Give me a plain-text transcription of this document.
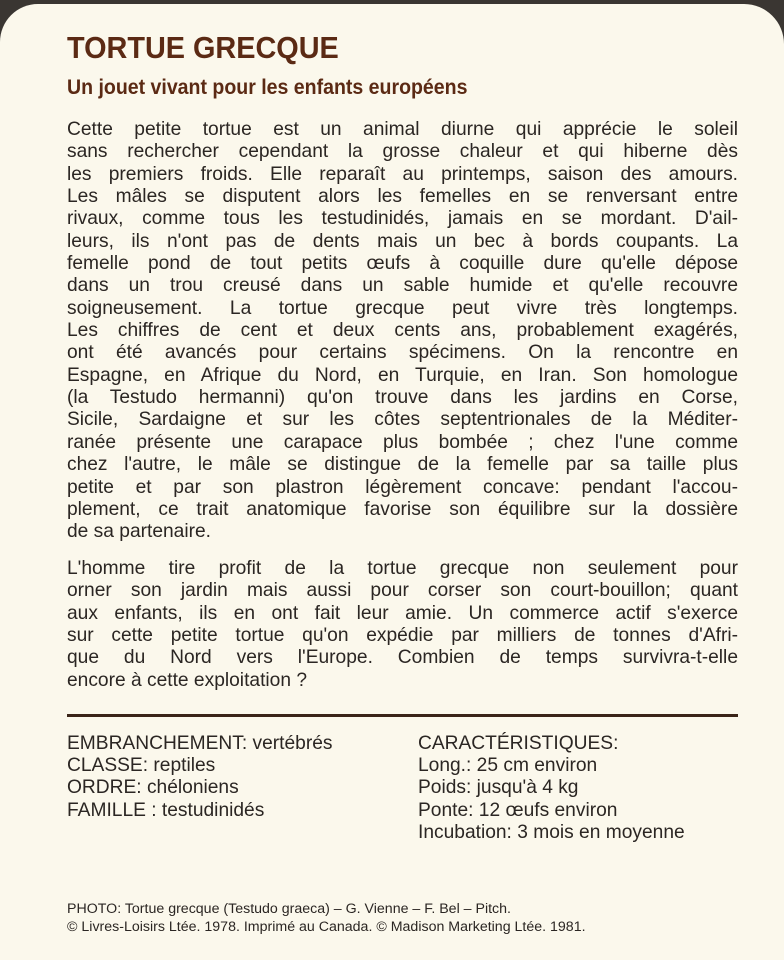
TORTUE GRECQUE
Un jouet vivant pour les enfants européens
Cette petite tortue est un animal diurne qui apprécie le soleil
sans rechercher cependant la grosse chaleur et qui hiberne dès
les premiers froids. Elle reparaît au printemps, saison des amours.
Les mâles se disputent alors les femelles en se renversant entre
rivaux, comme tous les testudinidés, jamais en se mordant. D'ail-
leurs, ils n'ont pas de dents mais un bec à bords coupants. La
femelle pond de tout petits œufs à coquille dure qu'elle dépose
dans un trou creusé dans un sable humide et qu'elle recouvre
soigneusement. La tortue grecque peut vivre très longtemps.
Les chiffres de cent et deux cents ans, probablement exagérés,
ont été avancés pour certains spécimens. On la rencontre en
Espagne, en Afrique du Nord, en Turquie, en Iran. Son homologue
(la Testudo hermanni) qu'on trouve dans les jardins en Corse,
Sicile, Sardaigne et sur les côtes septentrionales de la Méditer-
ranée présente une carapace plus bombée ; chez l'une comme
chez l'autre, le mâle se distingue de la femelle par sa taille plus
petite et par son plastron légèrement concave: pendant l'accou-
plement, ce trait anatomique favorise son équilibre sur la dossière
de sa partenaire.
L'homme tire profit de la tortue grecque non seulement pour
orner son jardin mais aussi pour corser son court-bouillon; quant
aux enfants, ils en ont fait leur amie. Un commerce actif s'exerce
sur cette petite tortue qu'on expédie par milliers de tonnes d'Afri-
que du Nord vers l'Europe. Combien de temps survivra-t-elle
encore à cette exploitation ?
EMBRANCHEMENT: vertébrés
CLASSE: reptiles
ORDRE: chéloniens
FAMILLE : testudinidés
CARACTÉRISTIQUES:
Long.: 25 cm environ
Poids: jusqu'à 4 kg
Ponte: 12 œufs environ
Incubation: 3 mois en moyenne
PHOTO: Tortue grecque (Testudo graeca) – G. Vienne – F. Bel – Pitch.
© Livres-Loisirs Ltée. 1978. Imprimé au Canada. © Madison Marketing Ltée. 1981.
